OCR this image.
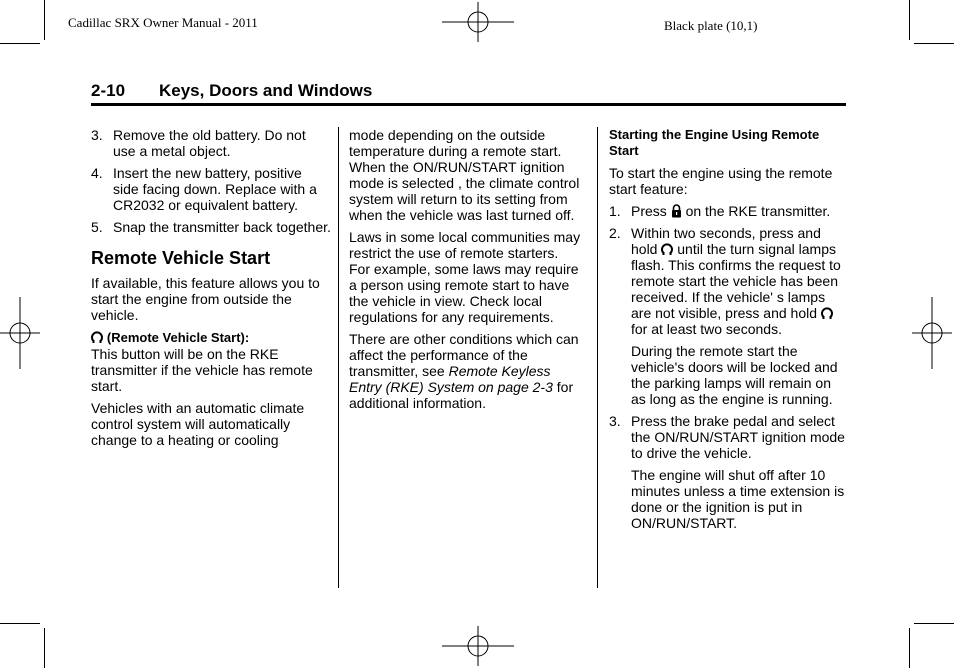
Cadillac SRX Owner Manual - 2011	Black plate (10,1)
2-10 Keys, Doors and Windows
3. Remove the old battery. Do not use a metal object.
4. Insert the new battery, positive side facing down. Replace with a CR2032 or equivalent battery.
5. Snap the transmitter back together.
Remote Vehicle Start

If available, this feature allows you to start the engine from outside the vehicle.

(Remote Vehicle Start):
This button will be on the RKE transmitter if the vehicle has remote start.

Vehicles with an automatic climate control system will automatically change to a heating or cooling

mode depending on the outside temperature during a remote start. When the ON/RUN/START ignition mode is selected , the climate control system will return to its setting from when the vehicle was last turned off.

Laws in some local communities may restrict the use of remote starters. For example, some laws may require a person using remote start to have the vehicle in view. Check local regulations for any requirements.

There are other conditions which can affect the performance of the transmitter, see Remote Keyless Entry (RKE) System on page 2-3 for additional information.

Starting the Engine Using Remote Start

To start the engine using the remote start feature:

1. Press on the RKE transmitter.
2. Within two seconds, press and hold until the turn signal lamps flash. This confirms the request to remote start the vehicle has been received. If the vehicle' s lamps are not visible, press and hold  for at least two seconds.
During the remote start the vehicle's doors will be locked and the parking lamps will remain on as long as the engine is running.
3. Press the brake pedal and select the ON/RUN/START ignition mode to drive the vehicle.
The engine will shut off after 10 minutes unless a time extension is done or the ignition is put in ON/RUN/START.
